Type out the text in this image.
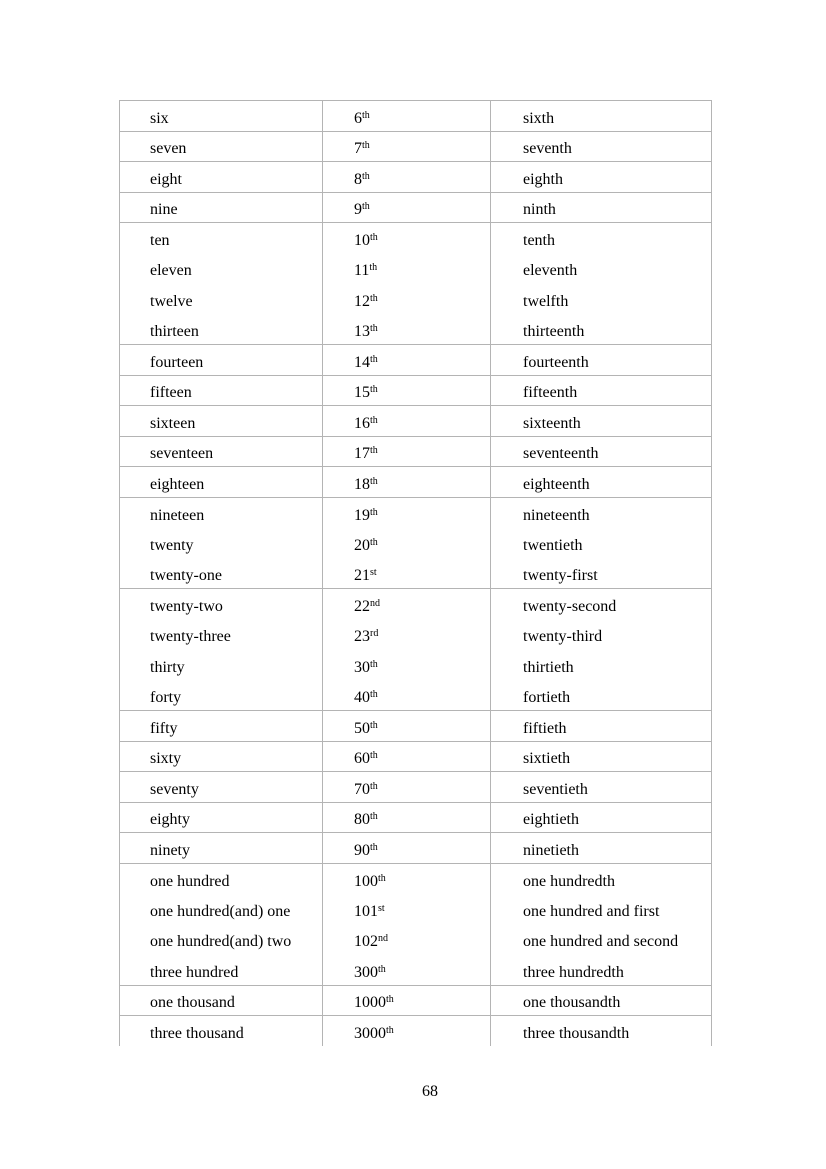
six	6th	sixth
seven	7th	seventh
eight	8th	eighth
nine	9th	ninth
ten	10th	tenth
eleven	11th	eleventh
twelve	12th	twelfth
thirteen	13th	thirteenth
fourteen	14th	fourteenth
fifteen	15th	fifteenth
sixteen	16th	sixteenth
seventeen	17th	seventeenth
eighteen	18th	eighteenth
nineteen	19th	nineteenth
twenty	20th	twentieth
twenty-one	21st	twenty-first
twenty-two	22nd	twenty-second
twenty-three	23rd	twenty-third
thirty	30th	thirtieth
forty	40th	fortieth
fifty	50th	fiftieth
sixty	60th	sixtieth
seventy	70th	seventieth
eighty	80th	eightieth
ninety	90th	ninetieth
one hundred	100th	one hundredth
one hundred(and) one	101st	one hundred and first
one hundred(and) two	102nd	one hundred and second
three hundred	300th	three hundredth
one thousand	1000th	one thousandth
three thousand	3000th	three thousandth
68
